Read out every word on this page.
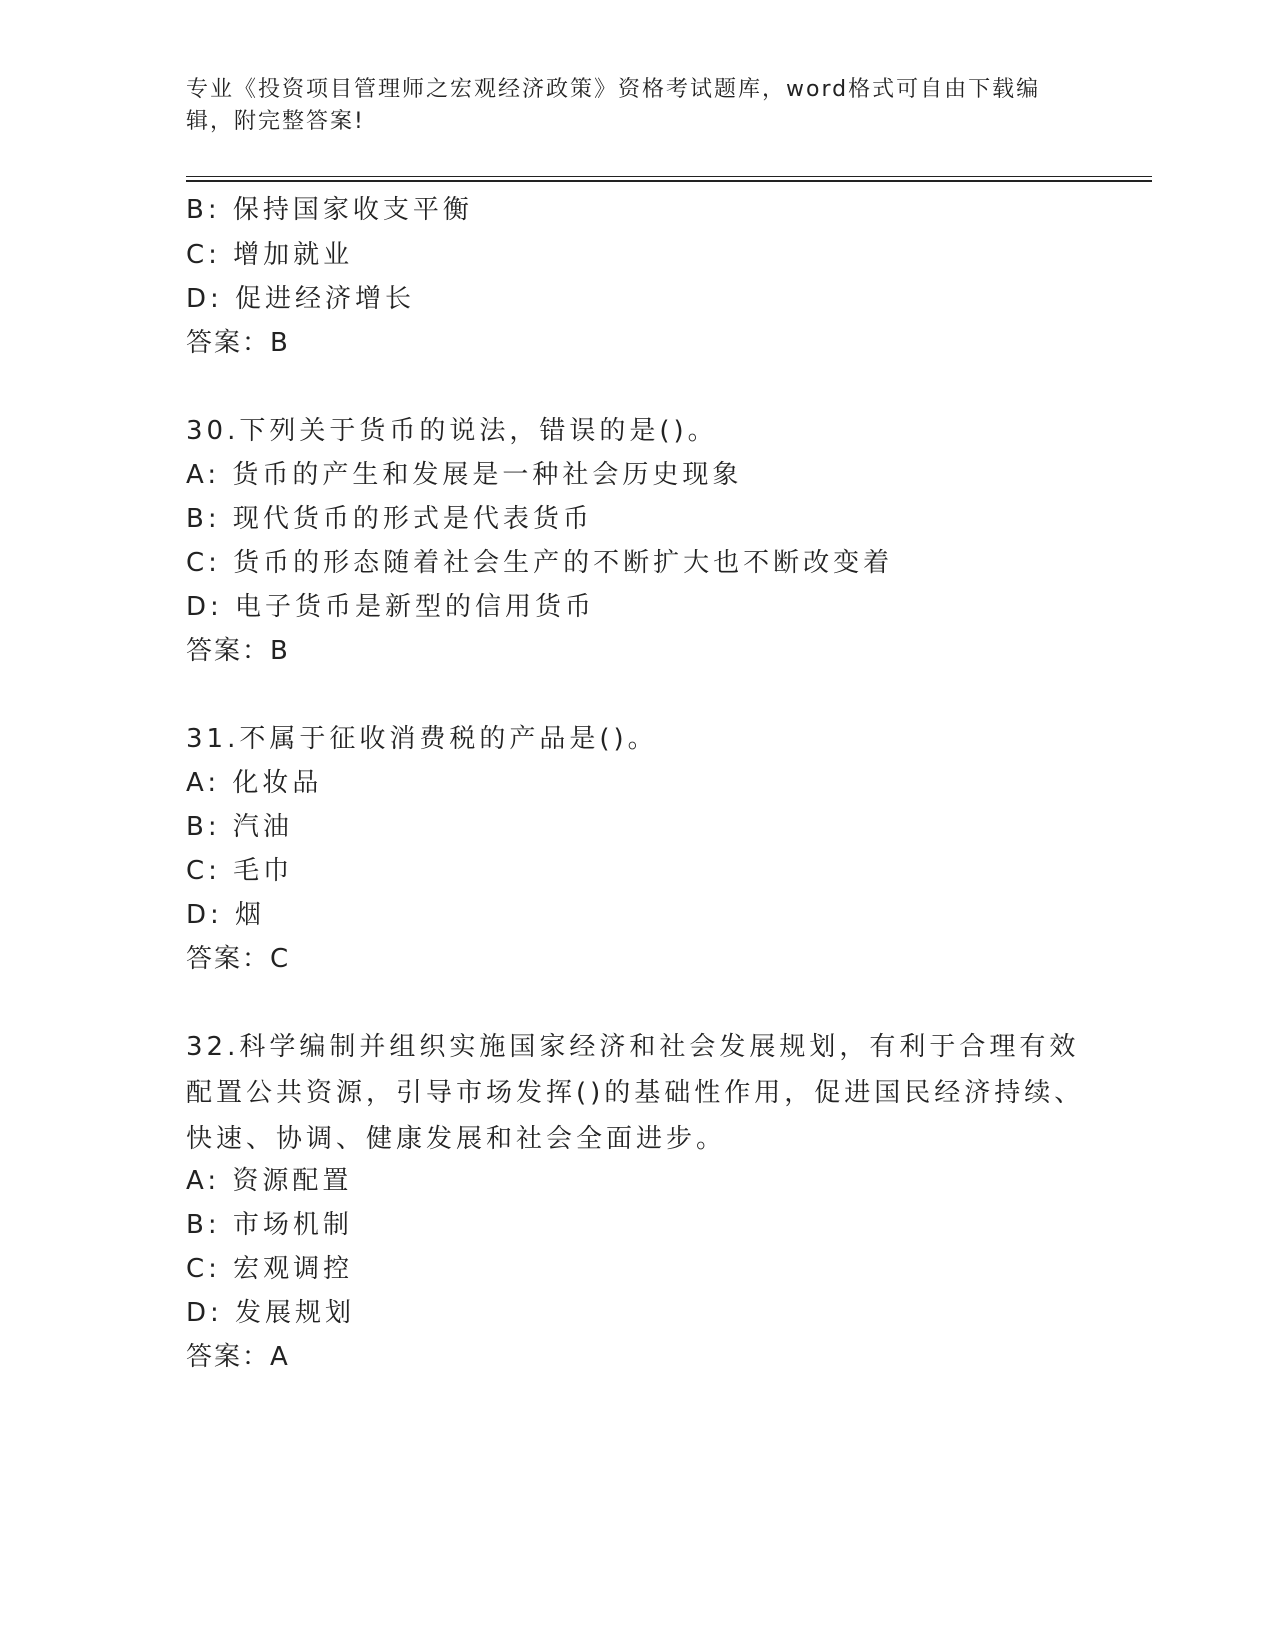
专业《投资项目管理师之宏观经济政策》资格考试题库，word格式可自由下载编辑，附完整答案!
B: 保持国家收支平衡
C: 增加就业
D: 促进经济增长
答案：B
30.下列关于货币的说法，错误的是()。
A: 货币的产生和发展是一种社会历史现象
B: 现代货币的形式是代表货币
C: 货币的形态随着社会生产的不断扩大也不断改变着
D: 电子货币是新型的信用货币
答案：B
31.不属于征收消费税的产品是()。
A: 化妆品
B: 汽油
C: 毛巾
D: 烟
答案：C
32.科学编制并组织实施国家经济和社会发展规划，有利于合理有效配置公共资源，引导市场发挥()的基础性作用，促进国民经济持续、快速、协调、健康发展和社会全面进步。
A: 资源配置
B: 市场机制
C: 宏观调控
D: 发展规划
答案：A
